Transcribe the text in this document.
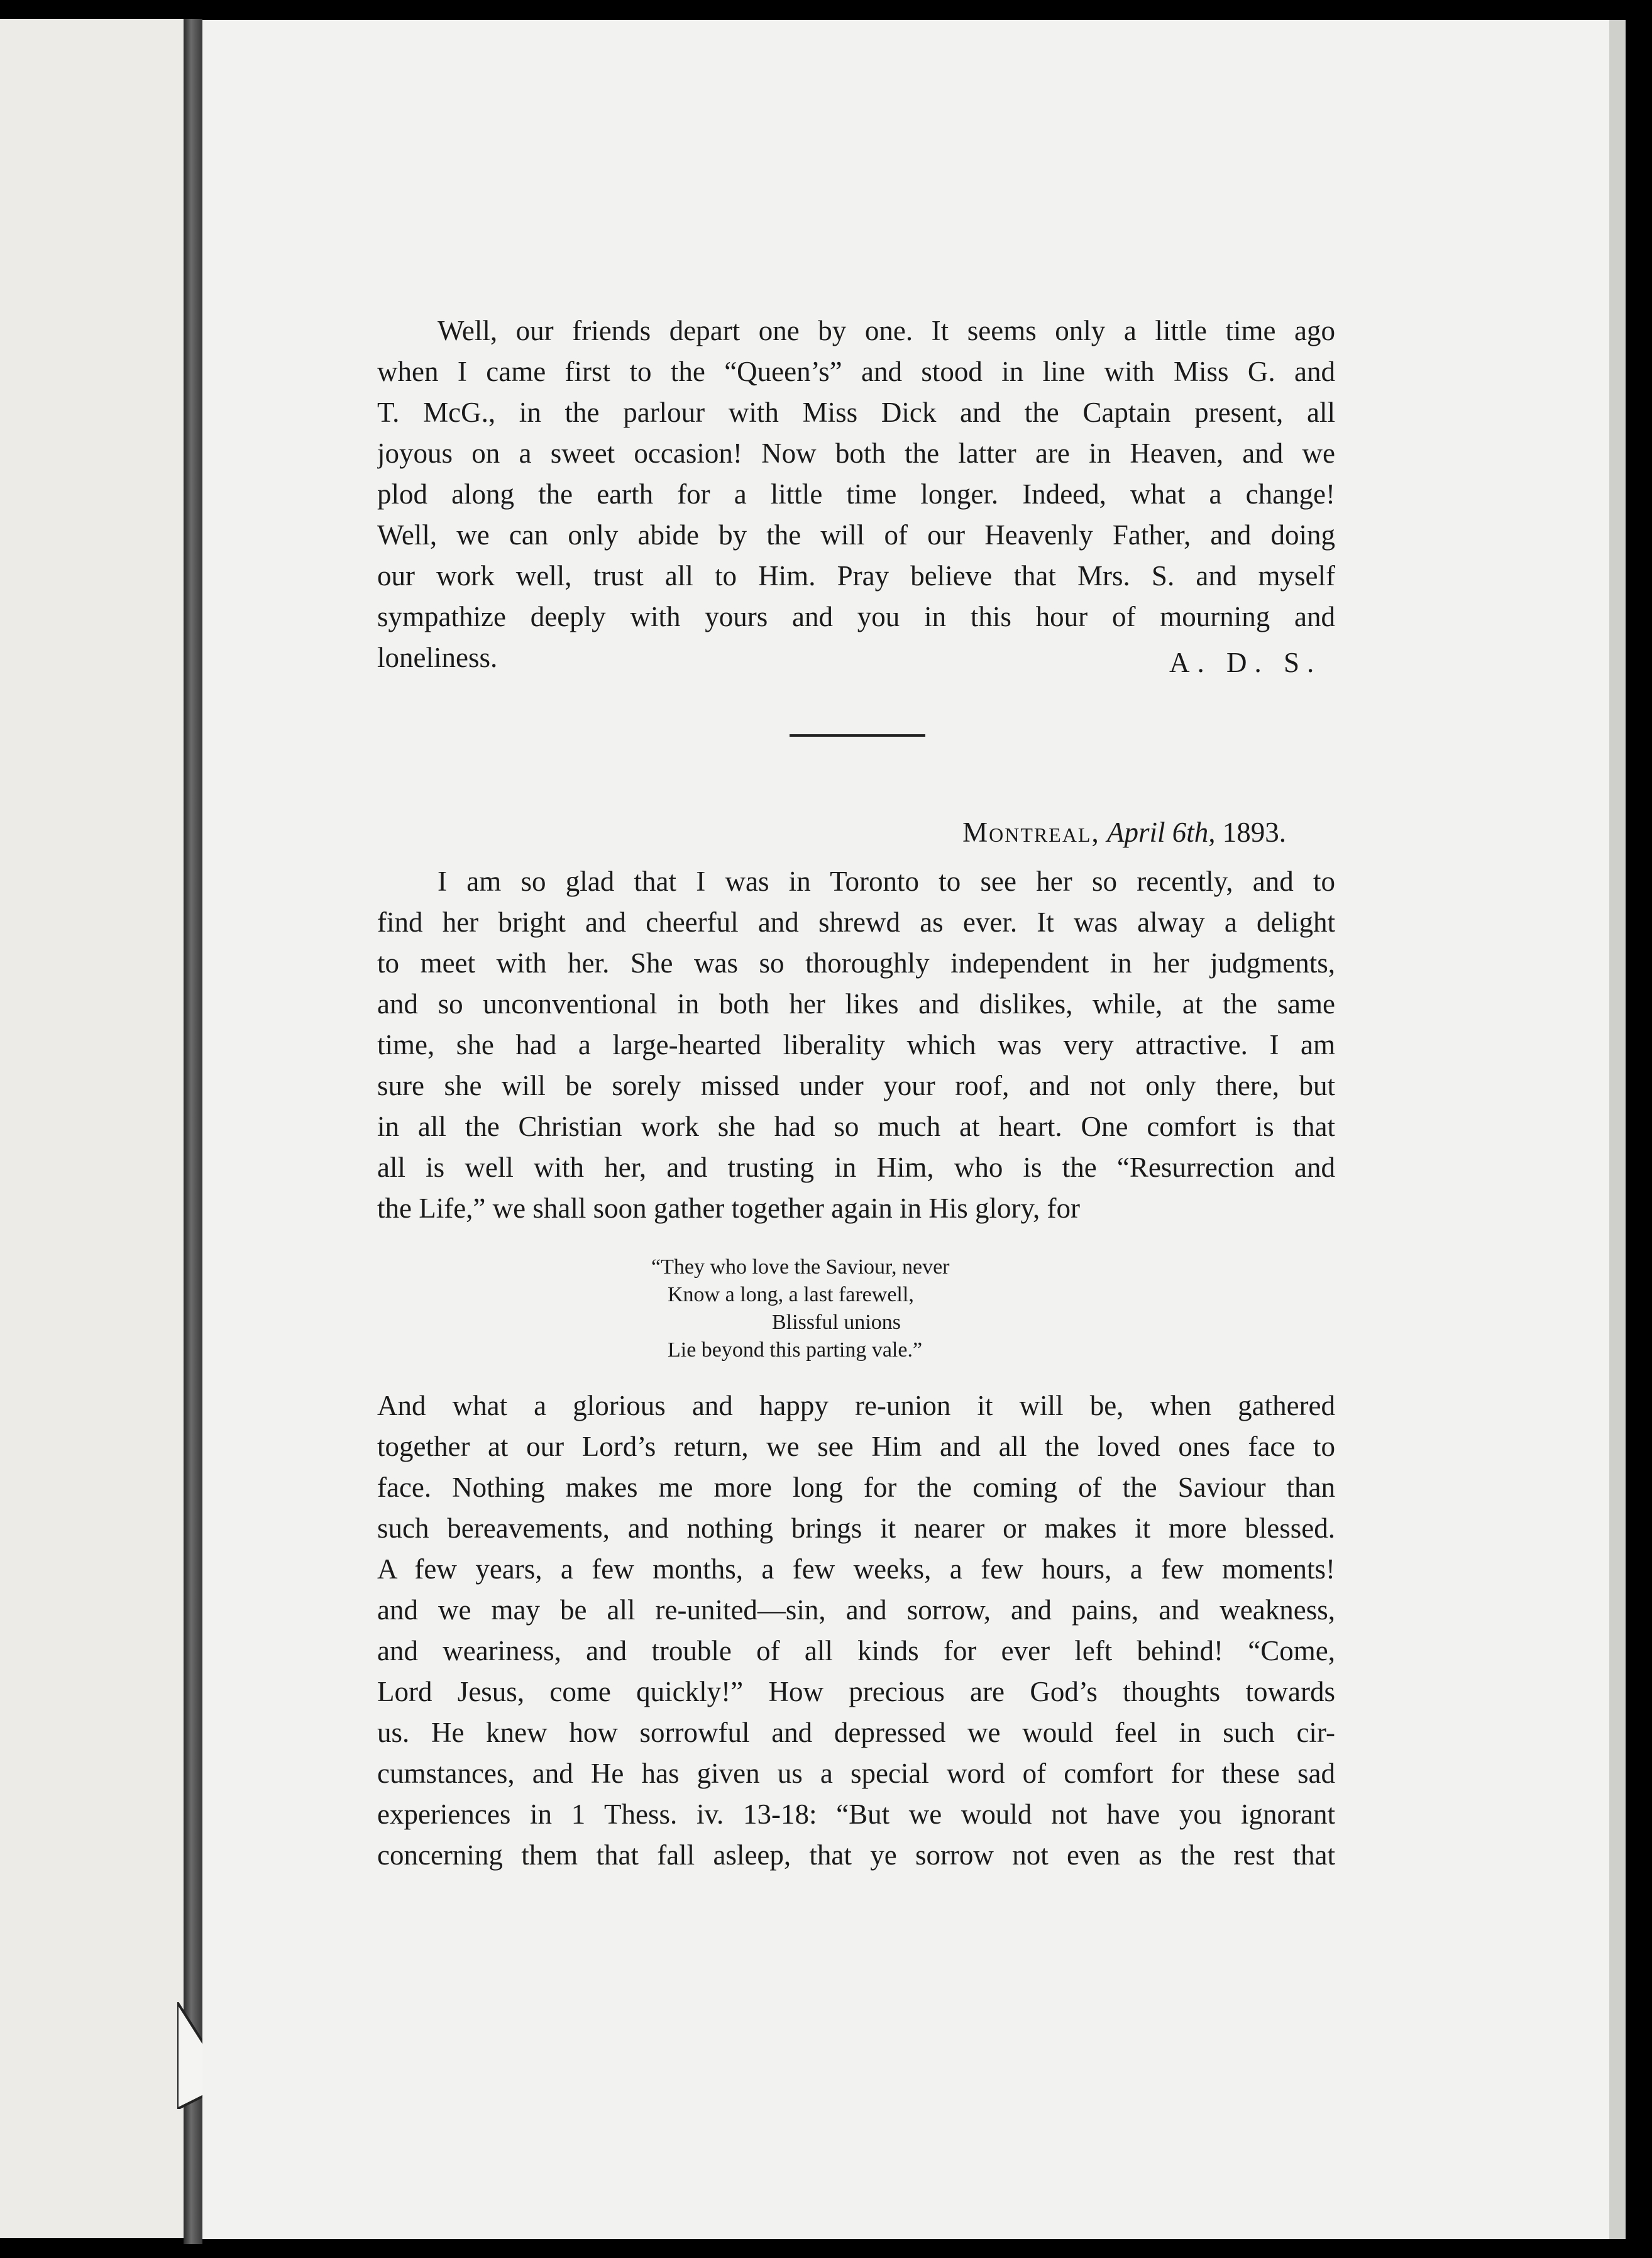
Well, our friends depart one by one. It seems only a little time ago
when I came first to the “Queen’s” and stood in line with Miss G. and
T. McG., in the parlour with Miss Dick and the Captain present, all
joyous on a sweet occasion! Now both the latter are in Heaven, and we
plod along the earth for a little time longer. Indeed, what a change!
Well, we can only abide by the will of our Heavenly Father, and doing
our work well, trust all to Him. Pray believe that Mrs. S. and myself
sympathize deeply with yours and you in this hour of mourning and
loneliness.	A. D. S.
Montreal, April 6th, 1893.
I am so glad that I was in Toronto to see her so recently, and to
find her bright and cheerful and shrewd as ever. It was alway a delight
to meet with her. She was so thoroughly independent in her judgments,
and so unconventional in both her likes and dislikes, while, at the same
time, she had a large-hearted liberality which was very attractive. I am
sure she will be sorely missed under your roof, and not only there, but
in all the Christian work she had so much at heart. One comfort is that
all is well with her, and trusting in Him, who is the “Resurrection and
the Life,” we shall soon gather together again in His glory, for
“They who love the Saviour, never
Know a long, a last farewell,
Blissful unions
Lie beyond this parting vale.”
And what a glorious and happy re-union it will be, when gathered
together at our Lord’s return, we see Him and all the loved ones face to
face. Nothing makes me more long for the coming of the Saviour than
such bereavements, and nothing brings it nearer or makes it more blessed.
A few years, a few months, a few weeks, a few hours, a few moments!
and we may be all re-united—sin, and sorrow, and pains, and weakness,
and weariness, and trouble of all kinds for ever left behind! “Come,
Lord Jesus, come quickly!” How precious are God’s thoughts towards
us. He knew how sorrowful and depressed we would feel in such cir-
cumstances, and He has given us a special word of comfort for these sad
experiences in 1 Thess. iv. 13-18: “But we would not have you ignorant
concerning them that fall asleep, that ye sorrow not even as the rest that
